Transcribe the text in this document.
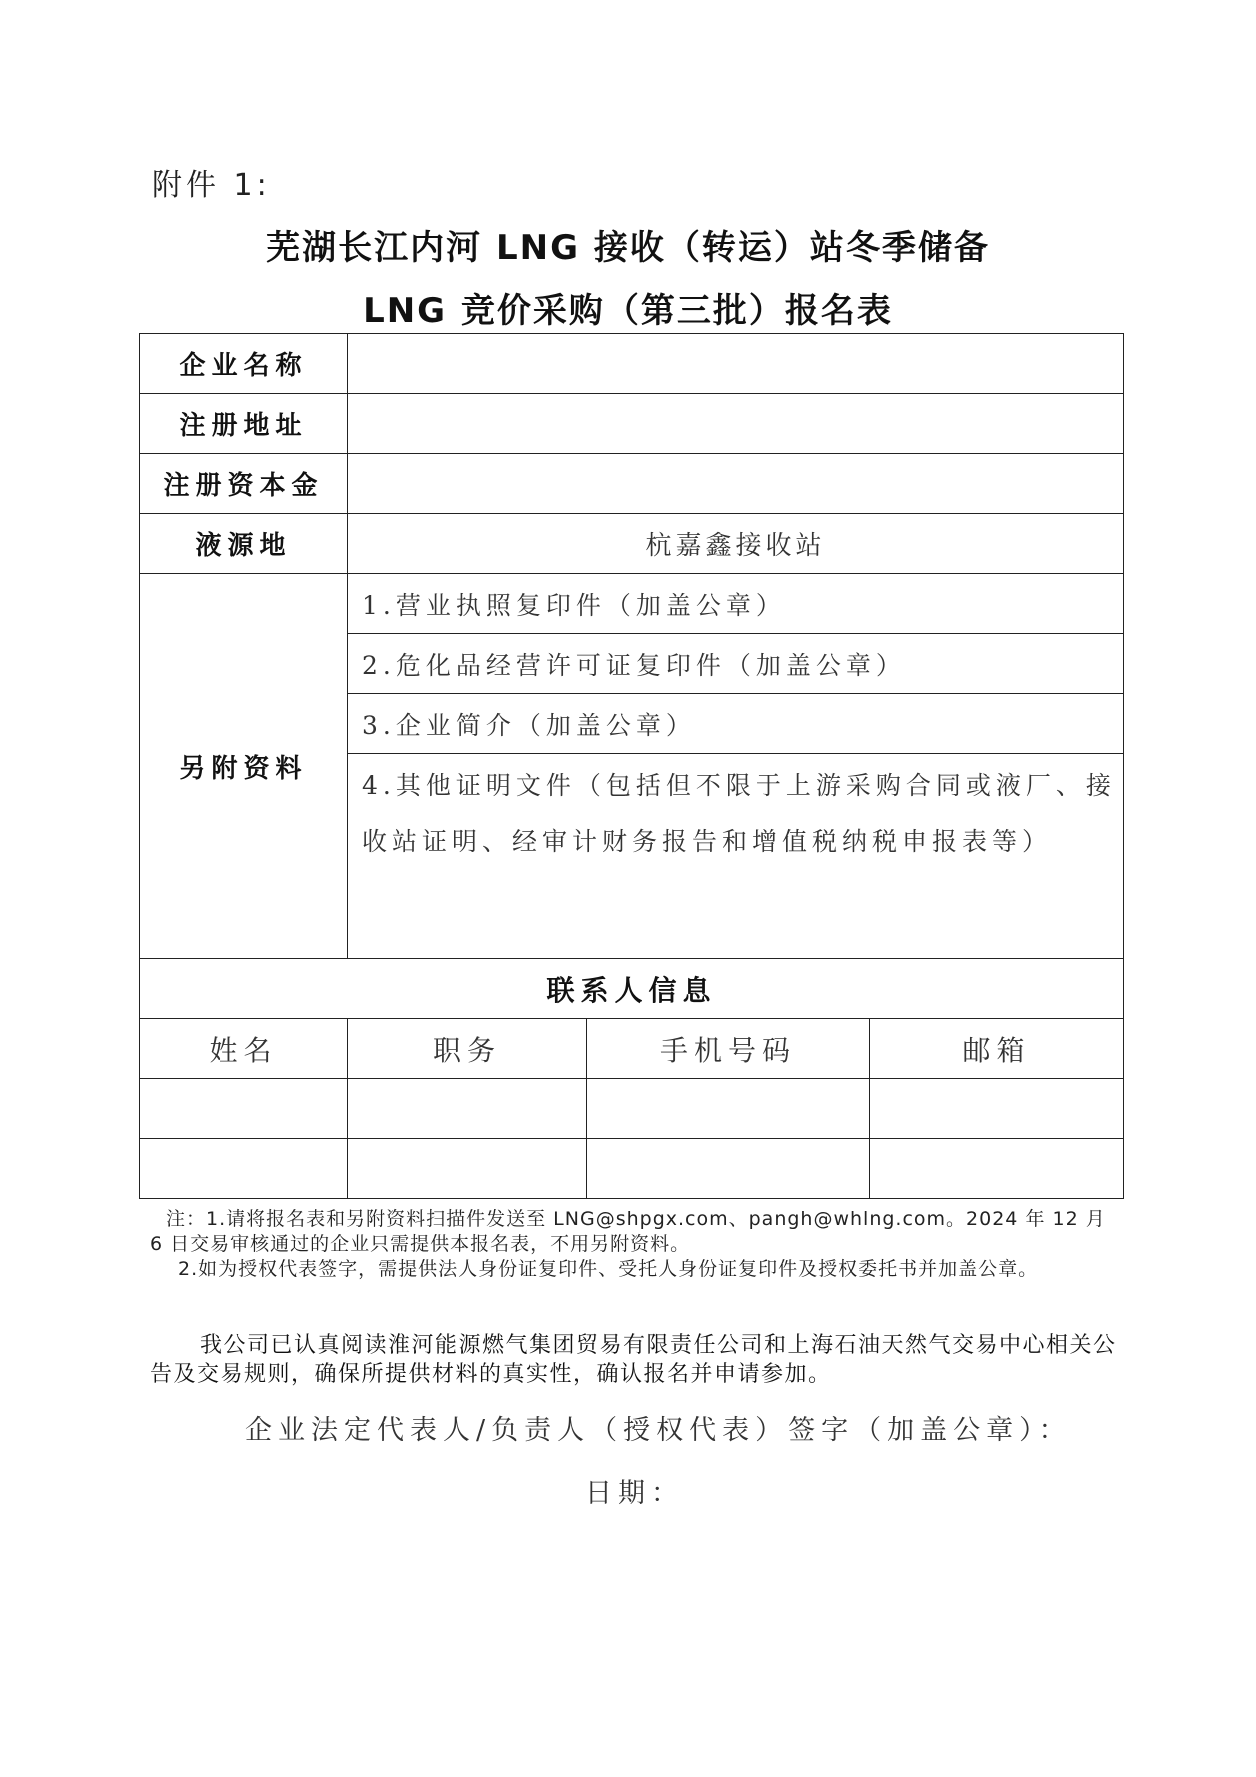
附件 1:
芜湖长江内河 LNG 接收（转运）站冬季储备
LNG 竞价采购（第三批）报名表
企业名称			
注册地址			
注册资本金			
液源地	杭嘉鑫接收站		
另附资料	1.营业执照复印件（加盖公章）		
	2.危化品经营许可证复印件（加盖公章）		
	3.企业简介（加盖公章）		
	4.其他证明文件（包括但不限于上游采购合同或液厂、接收站证明、经审计财务报告和增值税纳税申报表等）		
联系人信息			
姓名	职务	手机号码	邮箱

注：1.请将报名表和另附资料扫描件发送至 LNG@shpgx.com、pangh@whlng.com。2024 年 12 月 6 日交易审核通过的企业只需提供本报名表，不用另附资料。

2.如为授权代表签字，需提供法人身份证复印件、受托人身份证复印件及授权委托书并加盖公章。

我公司已认真阅读淮河能源燃气集团贸易有限责任公司和上海石油天然气交易中心相关公告及交易规则，确保所提供材料的真实性，确认报名并申请参加。
企业法定代表人/负责人（授权代表）签字（加盖公章）：
日期：
